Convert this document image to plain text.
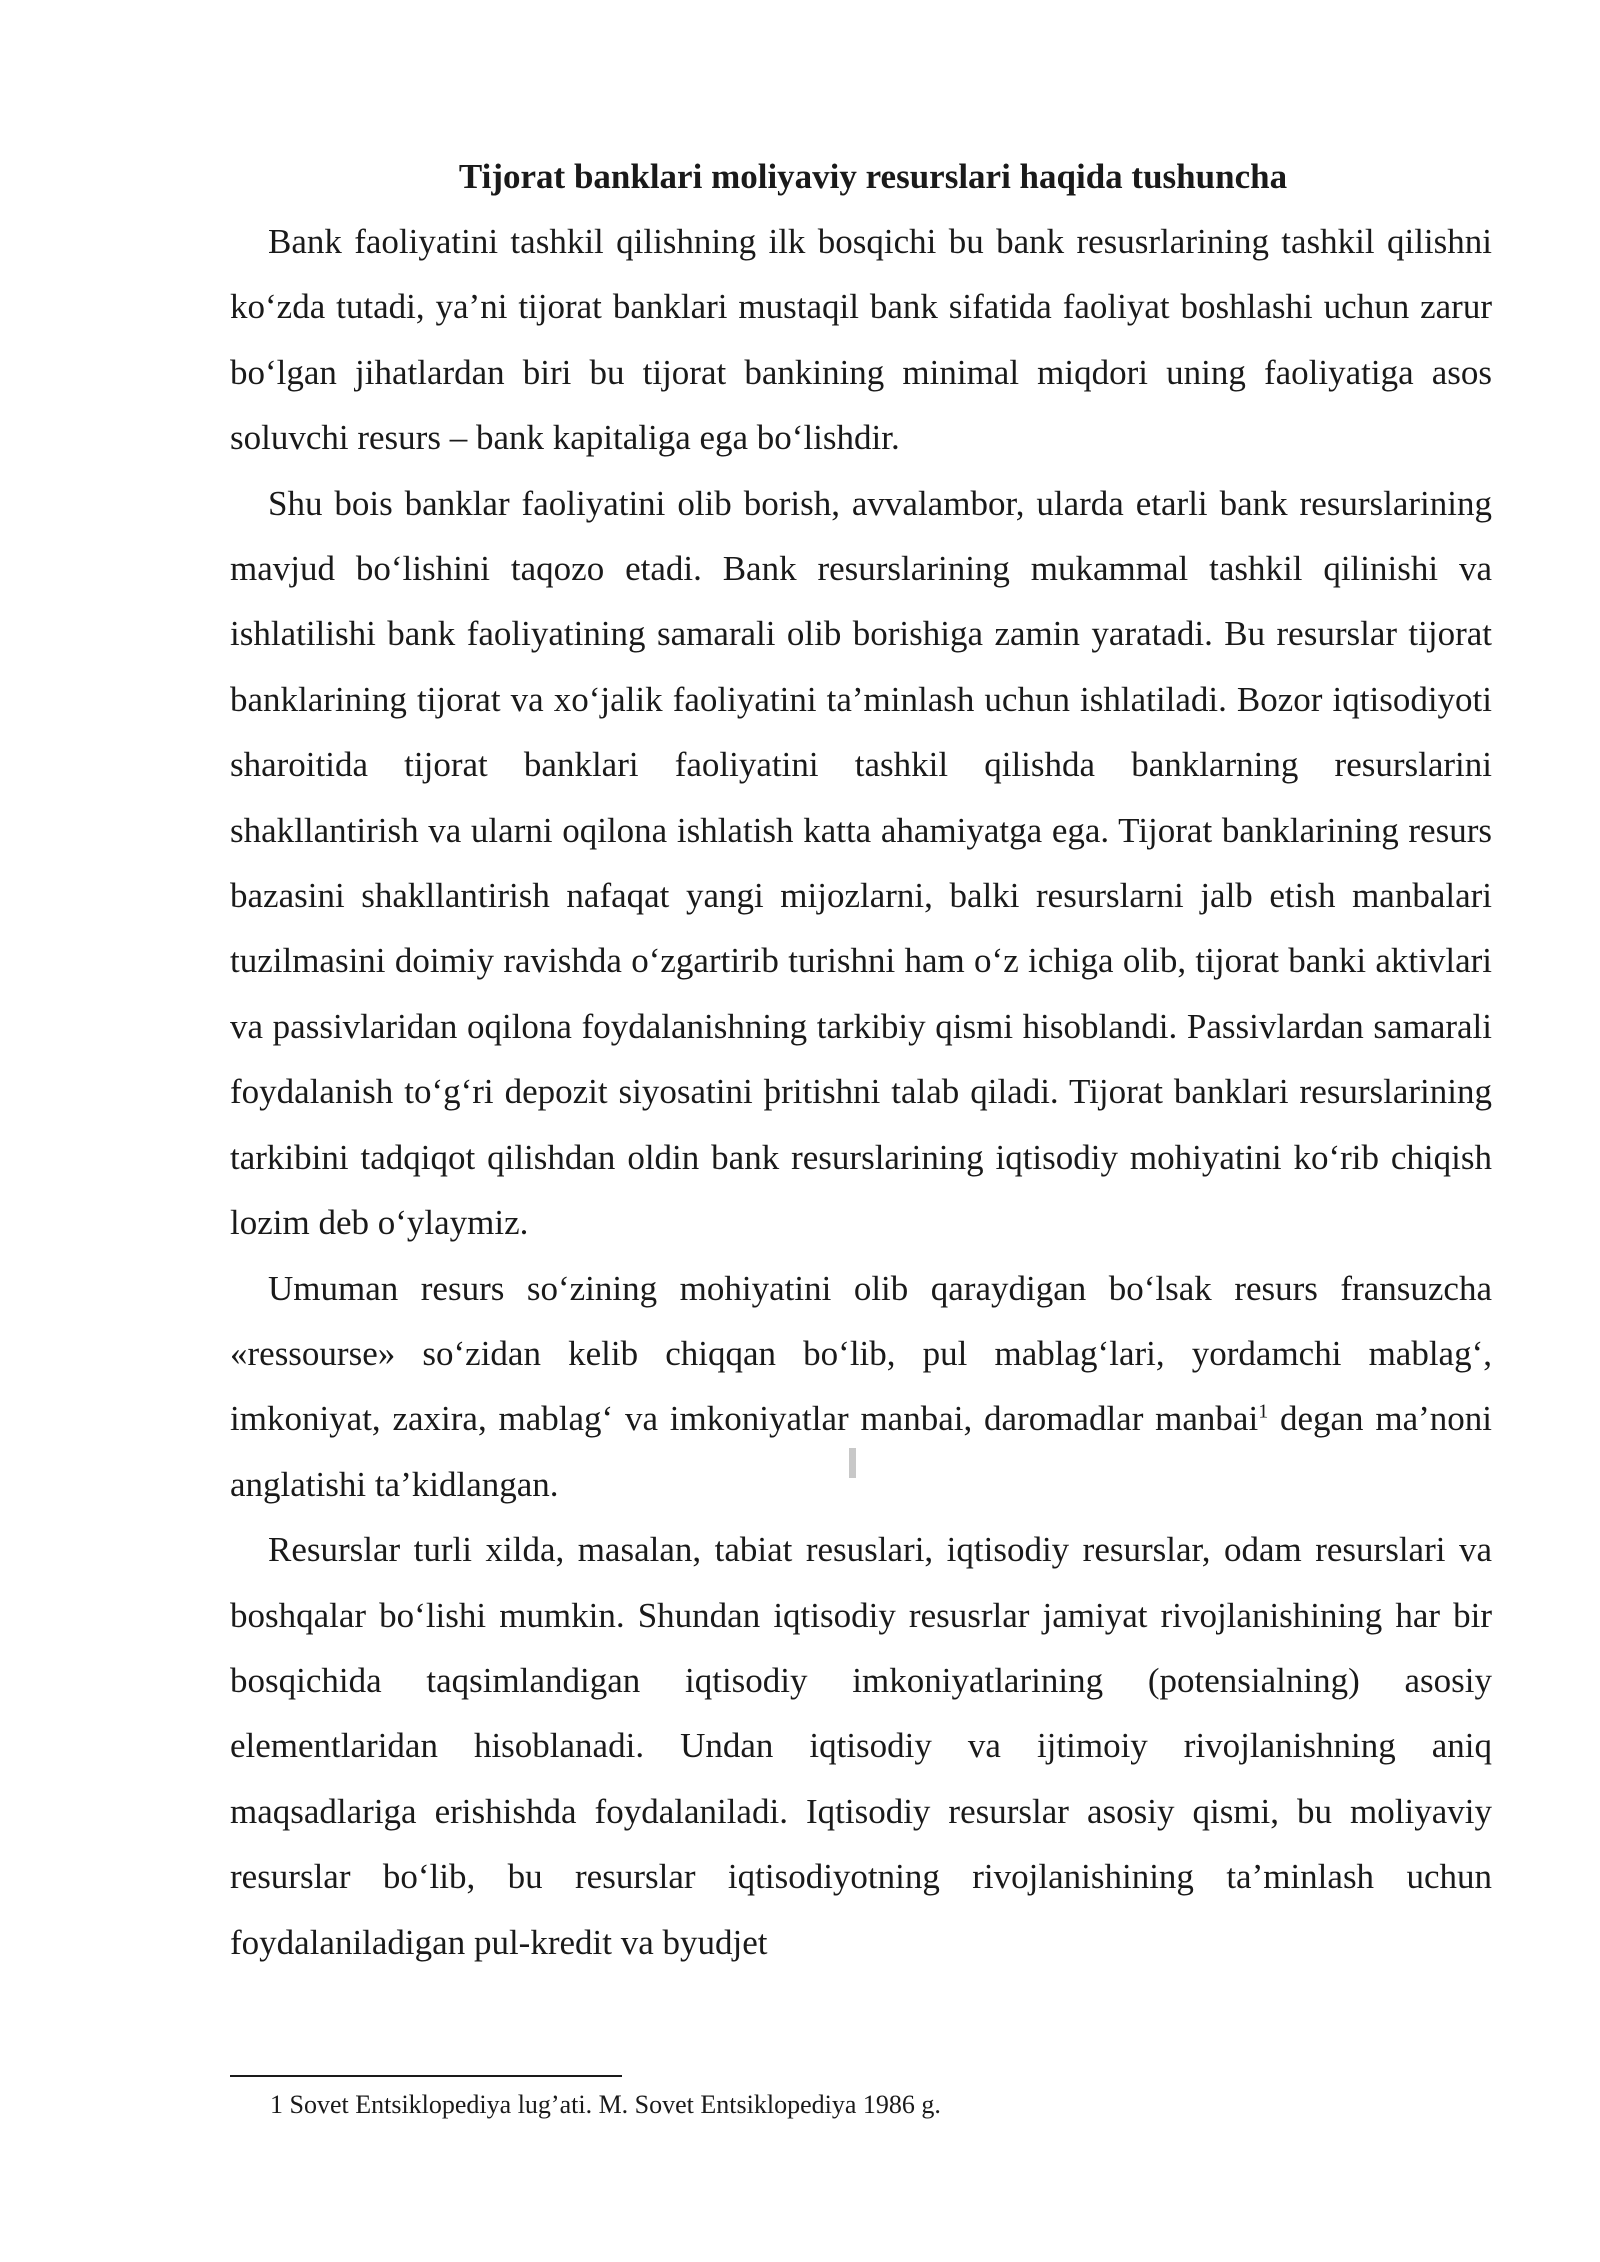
Tijorat banklari moliyaviy resurslari haqida tushuncha

Bank faoliyatini tashkil qilishning ilk bosqichi bu bank resusrlarining tashkil qilishni ko‘zda tutadi, ya’ni tijorat banklari mustaqil bank sifatida faoliyat boshlashi uchun zarur bo‘lgan jihatlardan biri bu tijorat bankining minimal miqdori uning faoliyatiga asos soluvchi resurs – bank kapitaliga ega bo‘lishdir.

Shu bois banklar faoliyatini olib borish, avvalambor, ularda etarli bank resurslarining mavjud bo‘lishini taqozo etadi. Bank resurslarining mukammal tashkil qilinishi va ishlatilishi bank faoliyatining samarali olib borishiga zamin yaratadi. Bu resurslar tijorat banklarining tijorat va xo‘jalik faoliyatini ta’minlash uchun ishlatiladi. Bozor iqtisodiyoti sharoitida tijorat banklari faoliyatini tashkil qilishda banklarning resurslarini shakllantirish va ularni oqilona ishlatish katta ahamiyatga ega. Tijorat banklarining resurs bazasini shakllantirish nafaqat yangi mijozlarni, balki resurslarni jalb etish manbalari tuzilmasini doimiy ravishda o‘zgartirib turishni ham o‘z ichiga olib, tijorat banki aktivlari va passivlaridan oqilona foydalanishning tarkibiy qismi hisoblandi. Passivlardan samarali foydalanish to‘g‘ri depozit siyosatini þritishni talab qiladi. Tijorat banklari resurslarining tarkibini tadqiqot qilishdan oldin bank resurslarining iqtisodiy mohiyatini ko‘rib chiqish lozim deb o‘ylaymiz.

Umuman resurs so‘zining mohiyatini olib qaraydigan bo‘lsak resurs fransuzcha «ressourse» so‘zidan kelib chiqqan bo‘lib, pul mablag‘lari, yordamchi mablag‘, imkoniyat, zaxira, mablag‘ va imkoniyatlar manbai, daromadlar manbai$^1$ degan ma’noni anglatishi ta’kidlangan.

Resurslar turli xilda, masalan, tabiat resuslari, iqtisodiy resurslar, odam resurslari va boshqalar bo‘lishi mumkin. Shundan iqtisodiy resusrlar jamiyat rivojlanishining har bir bosqichida taqsimlandigan iqtisodiy imkoniyatlarining (potensialning) asosiy elementlaridan hisoblanadi. Undan iqtisodiy va ijtimoiy rivojlanishning aniq maqsadlariga erishishda foydalaniladi. Iqtisodiy resurslar asosiy qismi, bu moliyaviy resurslar bo‘lib, bu resurslar iqtisodiyotning rivojlanishining ta’minlash uchun foydalaniladigan pul-kredit va byudjet

1 Sovet Entsiklopediya lug’ati. M. Sovet Entsiklopediya 1986 g.
